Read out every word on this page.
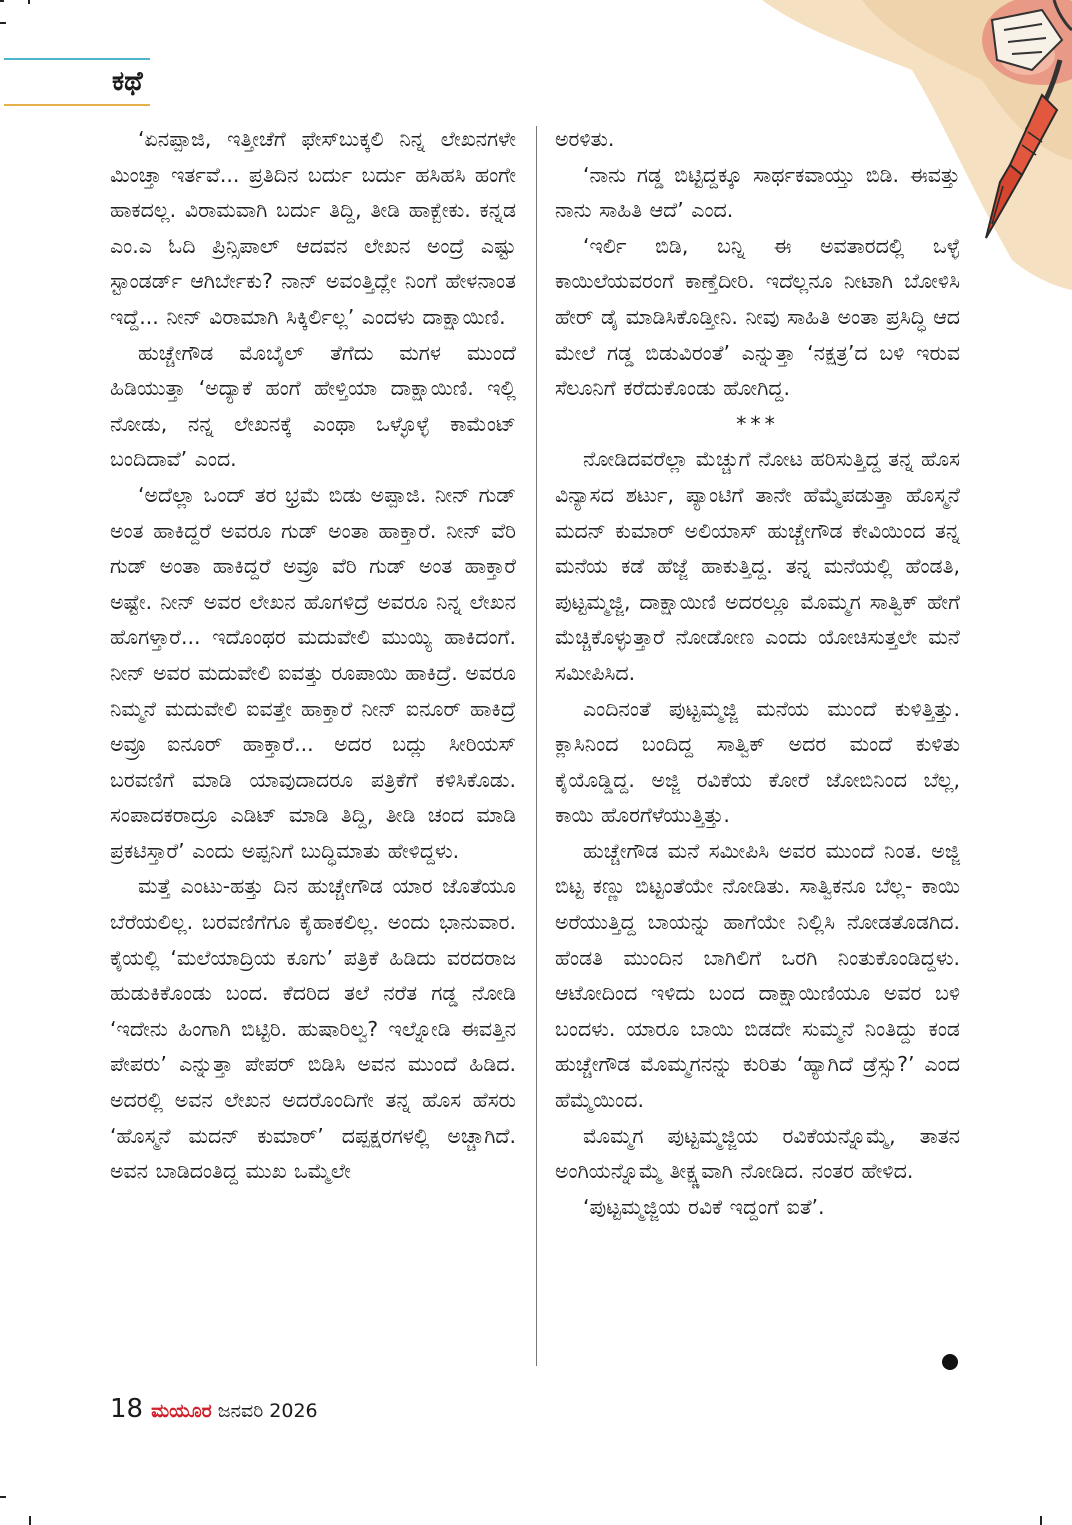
ಕಥೆ

‘ಏನಪ್ಪಾಜಿ, ಇತ್ತೀಚೆಗೆ ಫೇಸ್‌ಬುಕ್ಕಲಿ ನಿನ್ನ ಲೇಖನಗಳೇ ಮಿಂಚ್ತಾ ಇರ್ತವೆ... ಪ್ರತಿದಿನ ಬರ್ದು ಬರ್ದು ಹಸಿಹಸಿ ಹಂಗೇ ಹಾಕದಲ್ಲ. ವಿರಾಮವಾಗಿ ಬರ್ದು ತಿದ್ದಿ, ತೀಡಿ ಹಾಕ್ಬೇಕು. ಕನ್ನಡ ಎಂ.ಎ ಓದಿ ಪ್ರಿನ್ಸಿಪಾಲ್ ಆದವನ ಲೇಖನ ಅಂದ್ರೆ ಎಷ್ಟು ಸ್ಟಾಂಡರ್ಡ್ ಆಗಿರ್ಬೇಕು? ನಾನ್ ಅವಂತ್ತಿದ್ಲೇ ನಿಂಗೆ ಹೇಳನಾಂತ ಇದ್ದೆ... ನೀನ್ ವಿರಾಮಾಗಿ ಸಿಕ್ಕಿರ್ಲಿಲ್ಲ’ ಎಂದಳು ದಾಕ್ಷಾಯಿಣಿ.

ಹುಚ್ಚೇಗೌಡ ಮೊಬೈಲ್ ತೆಗೆದು ಮಗಳ ಮುಂದೆ ಹಿಡಿಯುತ್ತಾ ‘ಅದ್ಯಾಕೆ ಹಂಗೆ ಹೇಳ್ತಿಯಾ ದಾಕ್ಷಾಯಿಣಿ. ಇಲ್ಲಿ ನೋಡು, ನನ್ನ ಲೇಖನಕ್ಕೆ ಎಂಥಾ ಒಳ್ಳೊಳ್ಳೆ ಕಾಮೆಂಟ್ ಬಂದಿದಾವೆ’ ಎಂದ.

‘ಅದೆಲ್ಲಾ ಒಂದ್ ತರ ಭ್ರಮೆ ಬಿಡು ಅಪ್ಪಾಜಿ. ನೀನ್ ಗುಡ್ ಅಂತ ಹಾಕಿದ್ದರೆ ಅವರೂ ಗುಡ್ ಅಂತಾ ಹಾಕ್ತಾರೆ. ನೀನ್ ವೆರಿ ಗುಡ್ ಅಂತಾ ಹಾಕಿದ್ದರೆ ಅವ್ರೂ ವೆರಿ ಗುಡ್ ಅಂತ ಹಾಕ್ತಾರೆ ಅಷ್ಟೇ. ನೀನ್ ಅವರ ಲೇಖನ ಹೊಗಳಿದ್ರೆ ಅವರೂ ನಿನ್ನ ಲೇಖನ ಹೊಗಳ್ತಾರೆ... ಇದೊಂಥರ ಮದುವೇಲಿ ಮುಯ್ಯಿ ಹಾಕಿದಂಗೆ. ನೀನ್ ಅವರ ಮದುವೇಲಿ ಐವತ್ತು ರೂಪಾಯಿ ಹಾಕಿದ್ರೆ. ಅವರೂ ನಿಮ್ಮನೆ ಮದುವೇಲಿ ಐವತ್ತೇ ಹಾಕ್ತಾರೆ ನೀನ್ ಐನೂರ್ ಹಾಕಿದ್ರೆ ಅವ್ರೂ ಐನೂರ್ ಹಾಕ್ತಾರೆ... ಅದರ ಬದ್ಲು ಸೀರಿಯಸ್ ಬರವಣಿಗೆ ಮಾಡಿ ಯಾವುದಾದರೂ ಪತ್ರಿಕೆಗೆ ಕಳಿಸಿಕೊಡು. ಸಂಪಾದಕರಾದ್ರೂ ಎಡಿಟ್ ಮಾಡಿ ತಿದ್ದಿ, ತೀಡಿ ಚಂದ ಮಾಡಿ ಪ್ರಕಟಿಸ್ತಾರೆ’ ಎಂದು ಅಪ್ಪನಿಗೆ ಬುದ್ಧಿಮಾತು ಹೇಳಿದ್ದಳು.

ಮತ್ತೆ ಎಂಟು-ಹತ್ತು ದಿನ ಹುಚ್ಚೇಗೌಡ ಯಾರ ಜೊತೆಯೂ ಬೆರೆಯಲಿಲ್ಲ. ಬರವಣಿಗೆಗೂ ಕೈಹಾಕಲಿಲ್ಲ. ಅಂದು ಭಾನುವಾರ. ಕೈಯಲ್ಲಿ ‘ಮಲೆಯಾದ್ರಿಯ ಕೂಗು’ ಪತ್ರಿಕೆ ಹಿಡಿದು ವರದರಾಜ ಹುಡುಕಿಕೊಂಡು ಬಂದ. ಕೆದರಿದ ತಲೆ ನರೆತ ಗಡ್ಡ ನೋಡಿ ‘ಇದೇನು ಹಿಂಗಾಗಿ ಬಿಟ್ಟಿರಿ. ಹುಷಾರಿಲ್ವ? ಇಲ್ನೋಡಿ ಈವತ್ತಿನ ಪೇಪರು’ ಎನ್ನುತ್ತಾ ಪೇಪರ್ ಬಿಡಿಸಿ ಅವನ ಮುಂದೆ ಹಿಡಿದ. ಅದರಲ್ಲಿ ಅವನ ಲೇಖನ ಅದರೊಂದಿಗೇ ತನ್ನ ಹೊಸ ಹೆಸರು ‘ಹೊಸ್ಮನೆ ಮದನ್ ಕುಮಾರ್’ ದಪ್ಪಕ್ಷರಗಳಲ್ಲಿ ಅಚ್ಚಾಗಿದೆ. ಅವನ ಬಾಡಿದಂತಿದ್ದ ಮುಖ ಒಮ್ಮೆಲೇ

ಅರಳಿತು.

‘ನಾನು ಗಡ್ಡ ಬಿಟ್ಟಿದ್ದಕ್ಕೂ ಸಾರ್ಥಕವಾಯ್ತು ಬಿಡಿ. ಈವತ್ತು ನಾನು ಸಾಹಿತಿ ಆದೆ’ ಎಂದ.

‘ಇರ್ಲಿ ಬಿಡಿ, ಬನ್ನಿ ಈ ಅವತಾರದಲ್ಲಿ ಒಳ್ಳೆ ಕಾಯಿಲೆಯವರಂಗೆ ಕಾಣ್ತೆದೀರಿ. ಇದೆಲ್ಲನೂ ನೀಟಾಗಿ ಬೋಳಿಸಿ ಹೇರ್ ಡೈ ಮಾಡಿಸಿಕೊಡ್ತೀನಿ. ನೀವು ಸಾಹಿತಿ ಅಂತಾ ಪ್ರಸಿದ್ಧಿ ಆದ ಮೇಲೆ ಗಡ್ಡ ಬಿಡುವಿರಂತೆ’ ಎನ್ನುತ್ತಾ ‘ನಕ್ಷತ್ರ’ದ ಬಳಿ ಇರುವ ಸೆಲೂನಿಗೆ ಕರೆದುಕೊಂಡು ಹೋಗಿದ್ದ.

***

ನೋಡಿದವರೆಲ್ಲಾ ಮೆಚ್ಚುಗೆ ನೋಟ ಹರಿಸುತ್ತಿದ್ದ ತನ್ನ ಹೊಸ ವಿನ್ಯಾಸದ ಶರ್ಟು, ಪ್ಯಾಂಟಿಗೆ ತಾನೇ ಹೆಮ್ಮೆಪಡುತ್ತಾ ಹೊಸ್ಮನೆ ಮದನ್ ಕುಮಾರ್ ಅಲಿಯಾಸ್ ಹುಚ್ಚೇಗೌಡ ಕೇವಿಯಿಂದ ತನ್ನ ಮನೆಯ ಕಡೆ ಹೆಜ್ಜೆ ಹಾಕುತ್ತಿದ್ದ. ತನ್ನ ಮನೆಯಲ್ಲಿ ಹೆಂಡತಿ, ಪುಟ್ಟಮ್ಮಜ್ಜಿ, ದಾಕ್ಷಾಯಿಣಿ ಅದರಲ್ಲೂ ಮೊಮ್ಮಗ ಸಾತ್ವಿಕ್ ಹೇಗೆ ಮೆಚ್ಚಿಕೊಳ್ಳುತ್ತಾರೆ ನೋಡೋಣ ಎಂದು ಯೋಚಿಸುತ್ತಲೇ ಮನೆ ಸಮೀಪಿಸಿದ.

ಎಂದಿನಂತೆ ಪುಟ್ಟಮ್ಮಜ್ಜಿ ಮನೆಯ ಮುಂದೆ ಕುಳಿತ್ತಿತ್ತು. ಕ್ಲಾಸಿನಿಂದ ಬಂದಿದ್ದ ಸಾತ್ವಿಕ್ ಅದರ ಮಂದೆ ಕುಳಿತು ಕೈಯೊಡ್ಡಿದ್ದ. ಅಜ್ಜಿ ರವಿಕೆಯ ಕೋರೆ ಜೋಬಿನಿಂದ ಬೆಲ್ಲ, ಕಾಯಿ ಹೊರಗೆಳೆಯುತ್ತಿತ್ತು.

ಹುಚ್ಚೇಗೌಡ ಮನೆ ಸಮೀಪಿಸಿ ಅವರ ಮುಂದೆ ನಿಂತ. ಅಜ್ಜಿ ಬಿಟ್ಟ ಕಣ್ಣು ಬಿಟ್ಟಂತೆಯೇ ನೋಡಿತು. ಸಾತ್ವಿಕನೂ ಬೆಲ್ಲ- ಕಾಯಿ ಅರೆಯುತ್ತಿದ್ದ ಬಾಯನ್ನು ಹಾಗೆಯೇ ನಿಲ್ಲಿಸಿ ನೋಡತೊಡಗಿದ. ಹೆಂಡತಿ ಮುಂದಿನ ಬಾಗಿಲಿಗೆ ಒರಗಿ ನಿಂತುಕೊಂಡಿದ್ದಳು. ಆಟೋದಿಂದ ಇಳಿದು ಬಂದ ದಾಕ್ಷಾಯಿಣಿಯೂ ಅವರ ಬಳಿ ಬಂದಳು. ಯಾರೂ ಬಾಯಿ ಬಿಡದೇ ಸುಮ್ಮನೆ ನಿಂತಿದ್ದು ಕಂಡ ಹುಚ್ಚೇಗೌಡ ಮೊಮ್ಮಗನನ್ನು ಕುರಿತು ‘ಹ್ಯಾಗಿದೆ ಡ್ರೆಸ್ಸು?’ ಎಂದ ಹೆಮ್ಮೆಯಿಂದ.

ಮೊಮ್ಮಗ ಪುಟ್ಟಮ್ಮಜ್ಜಿಯ ರವಿಕೆಯನ್ನೊಮ್ಮೆ, ತಾತನ ಅಂಗಿಯನ್ನೊಮ್ಮೆ ತೀಕ್ಷ್ಣವಾಗಿ ನೋಡಿದ. ನಂತರ ಹೇಳಿದ.

‘ಪುಟ್ಟಮ್ಮಜ್ಜಿಯ ರವಿಕೆ ಇದ್ದಂಗೆ ಐತೆ’.

18 ಮಯೂರ ಜನವರಿ 2026
